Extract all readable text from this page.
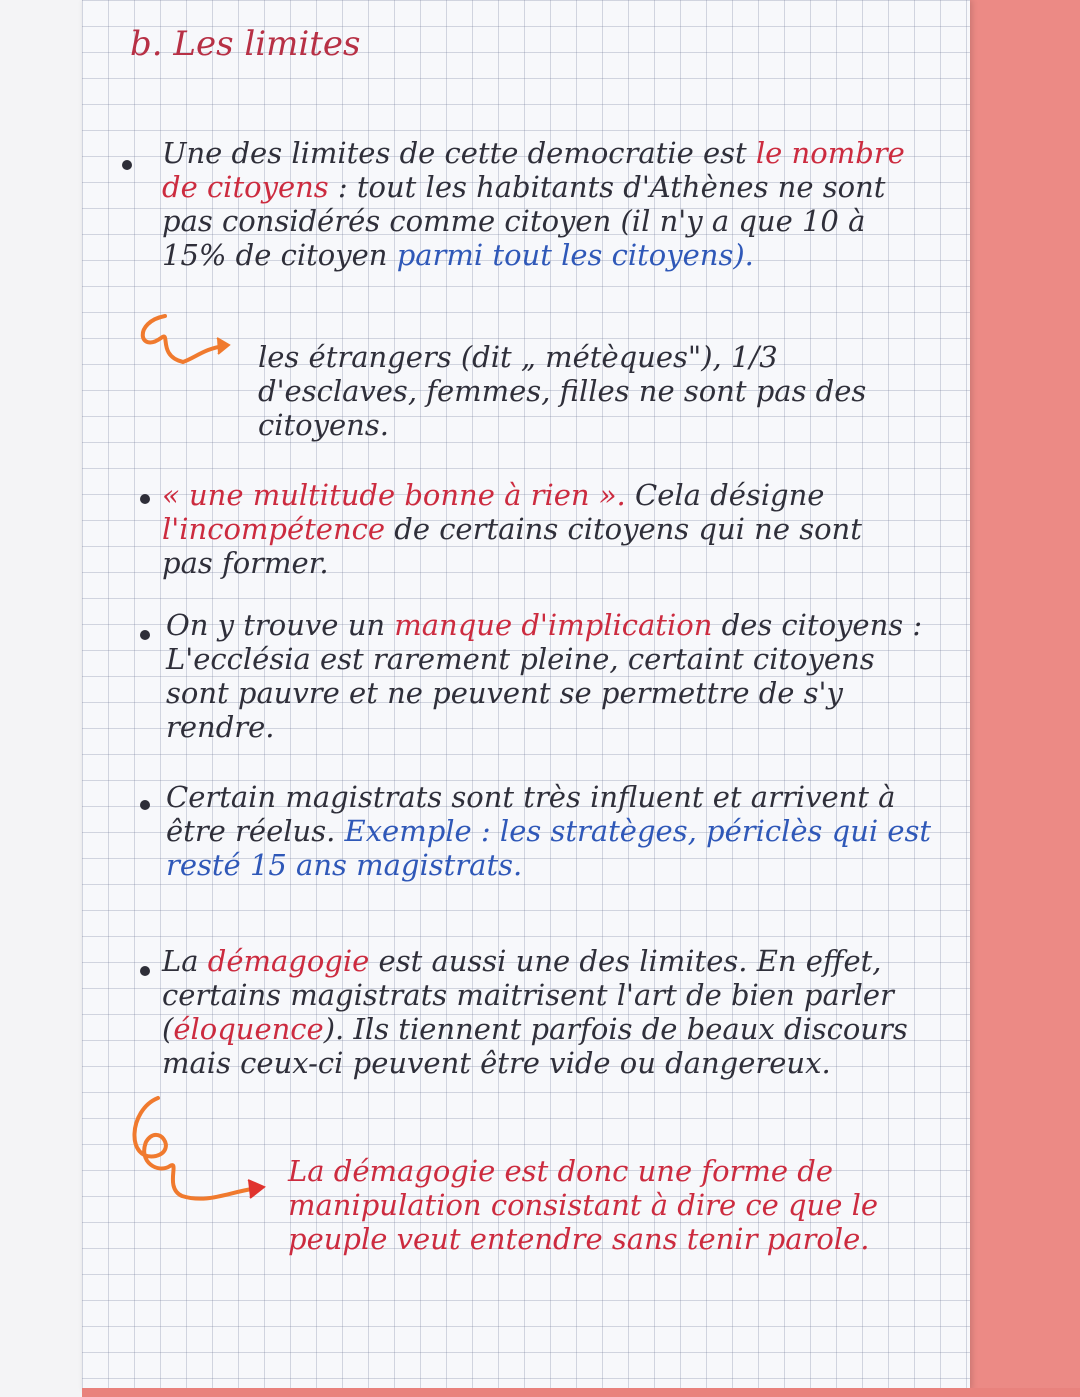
b. Les limites
Une des limites de cette democratie est le nombre de citoyens : tout les habitants d'Athènes ne sont pas considérés comme citoyen (il n'y a que 10 à 15% de citoyen parmi tout les citoyens).
les étrangers (dit „ métèques"), 1/3 d'esclaves, femmes, filles ne sont pas des citoyens.
« une multitude bonne à rien ». Cela désigne l'incompétence de certains citoyens qui ne sont pas former.
On y trouve un manque d'implication des citoyens : L'ecclésia est rarement pleine, certaint citoyens sont pauvre et ne peuvent se permettre de s'y rendre.
Certain magistrats sont très influent et arrivent à être réelus. Exemple : les stratèges, périclès qui est resté 15 ans magistrats.
La démagogie est aussi une des limites. En effet, certains magistrats maitrisent l'art de bien parler (éloquence). Ils tiennent parfois de beaux discours mais ceux-ci peuvent être vide ou dangereux.
La démagogie est donc une forme de manipulation consistant à dire ce que le peuple veut entendre sans tenir parole.
